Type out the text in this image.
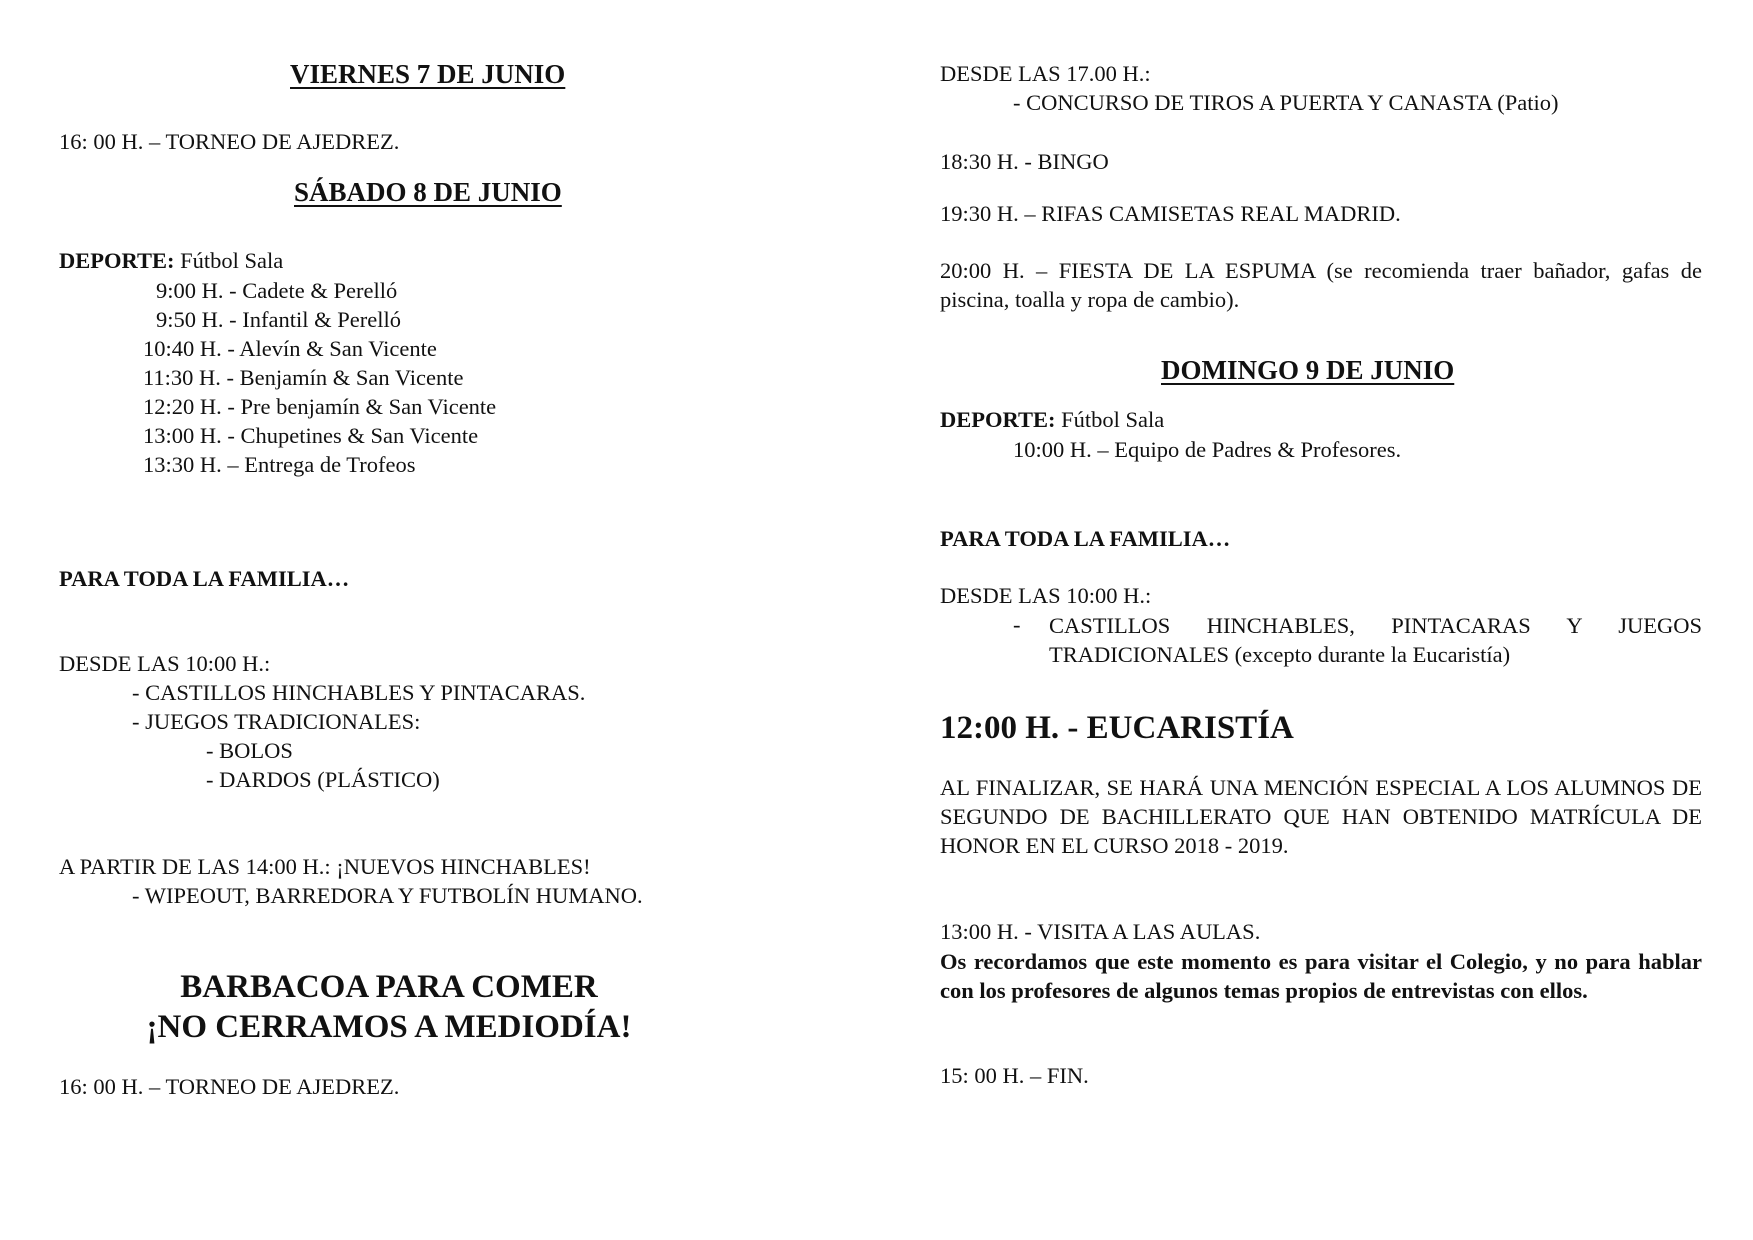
VIERNES 7 DE JUNIO
16: 00 H. – TORNEO DE AJEDREZ.
SÁBADO 8 DE JUNIO
DEPORTE: Fútbol Sala
9:00 H. - Cadete & Perelló
9:50 H. - Infantil & Perelló
10:40 H. - Alevín & San Vicente
11:30 H. - Benjamín & San Vicente
12:20 H. - Pre benjamín & San Vicente
13:00 H. - Chupetines & San Vicente
13:30 H. – Entrega de Trofeos
PARA TODA LA FAMILIA…
DESDE LAS 10:00 H.:
- CASTILLOS HINCHABLES Y PINTACARAS.
- JUEGOS TRADICIONALES:
- BOLOS
- DARDOS (PLÁSTICO)
A PARTIR DE LAS 14:00 H.: ¡NUEVOS HINCHABLES!
- WIPEOUT, BARREDORA Y FUTBOLÍN HUMANO.
BARBACOA PARA COMER
¡NO CERRAMOS A MEDIODÍA!
16: 00 H. – TORNEO DE AJEDREZ.
DESDE LAS 17.00 H.:
- CONCURSO DE TIROS A PUERTA Y CANASTA (Patio)
18:30 H. - BINGO
19:30 H. – RIFAS CAMISETAS REAL MADRID.
20:00 H. – FIESTA DE LA ESPUMA (se recomienda traer bañador, gafas de piscina, toalla y ropa de cambio).
DOMINGO 9 DE JUNIO
DEPORTE: Fútbol Sala
10:00 H. – Equipo de Padres & Profesores.
PARA TODA LA FAMILIA…
DESDE LAS 10:00 H.:
- CASTILLOS HINCHABLES, PINTACARAS Y JUEGOS TRADICIONALES (excepto durante la Eucaristía)
12:00 H. - EUCARISTÍA
AL FINALIZAR, SE HARÁ UNA MENCIÓN ESPECIAL A LOS ALUMNOS DE SEGUNDO DE BACHILLERATO QUE HAN OBTENIDO MATRÍCULA DE HONOR EN EL CURSO 2018 - 2019.
13:00 H. - VISITA A LAS AULAS.
Os recordamos que este momento es para visitar el Colegio, y no para hablar con los profesores de algunos temas propios de entrevistas con ellos.
15: 00 H. – FIN.
